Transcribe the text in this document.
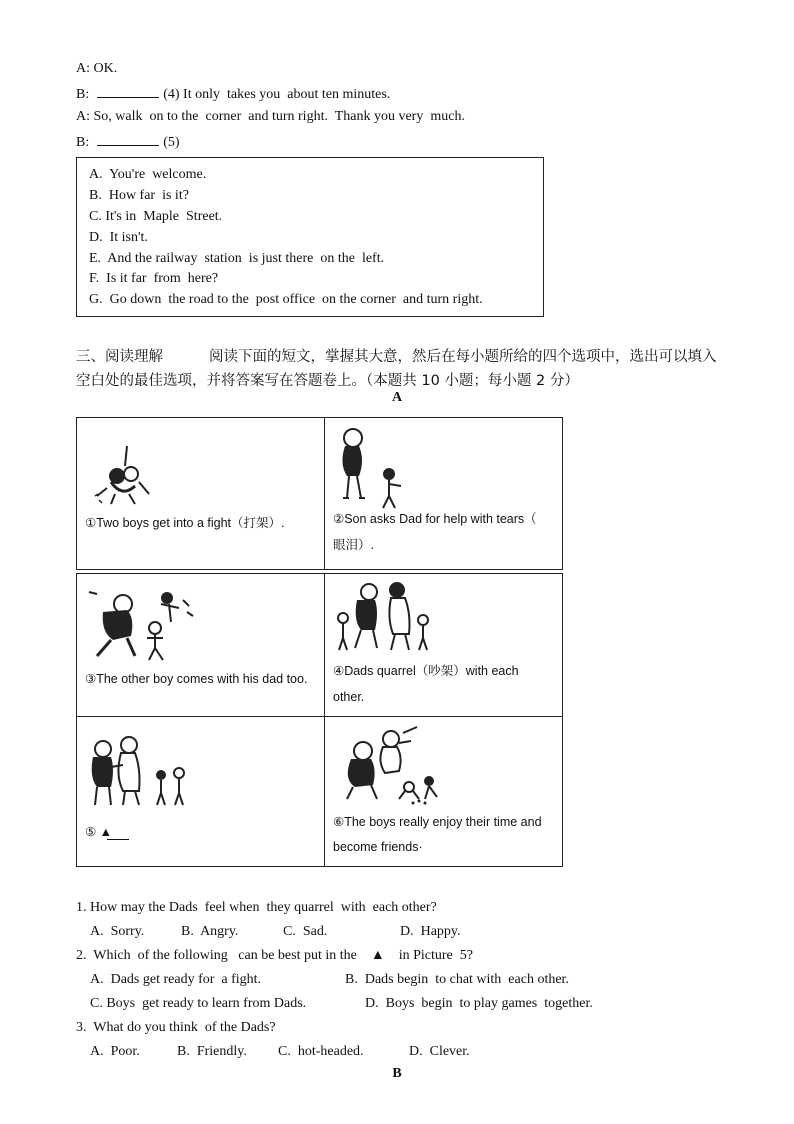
A: OK.
B:	(4) It only  takes you  about ten minutes.
A: So, walk  on to the  corner  and turn right.  Thank you very  much.
B:	(5)
A.  You're  welcome.
B.  How far  is it?
C. It's in  Maple  Street.
D.  It isn't.
E.  And the railway  station  is just there  on the  left.
F.  Is it far  from  here?
G.  Go down  the road to the  post office  on the corner  and turn right.
三、阅读理解	阅读下面的短文，掌握其大意，然后在每小题所给的四个选项中，选出可以填入空白处的最佳选项，并将答案写在答题卷上。（本题共 10 小题；每小题 2 分）
A
①Two boys get into a fight（打架）.	②Son asks Dad for help with tears（
眼泪）.
③The other boy comes with his dad too.
④Dads quarrel（吵架）with each
other.
⑤ ▲
⑥The boys really enjoy their time and
become friends·
1. How may the Dads  feel when  they quarrel  with  each other?
A.  Sorry.	B.  Angry.	C.  Sad.	D.  Happy.
2.  Which  of the following   can be best put in the    ▲    in Picture  5?
A.  Dads get ready for  a fight.	B.  Dads begin  to chat with  each other.
C. Boys  get ready to learn from Dads.	D.  Boys  begin  to play games  together.
3.  What do you think  of the Dads?
A.  Poor.	B.  Friendly. C.  hot-headed.	D.  Clever.
B
